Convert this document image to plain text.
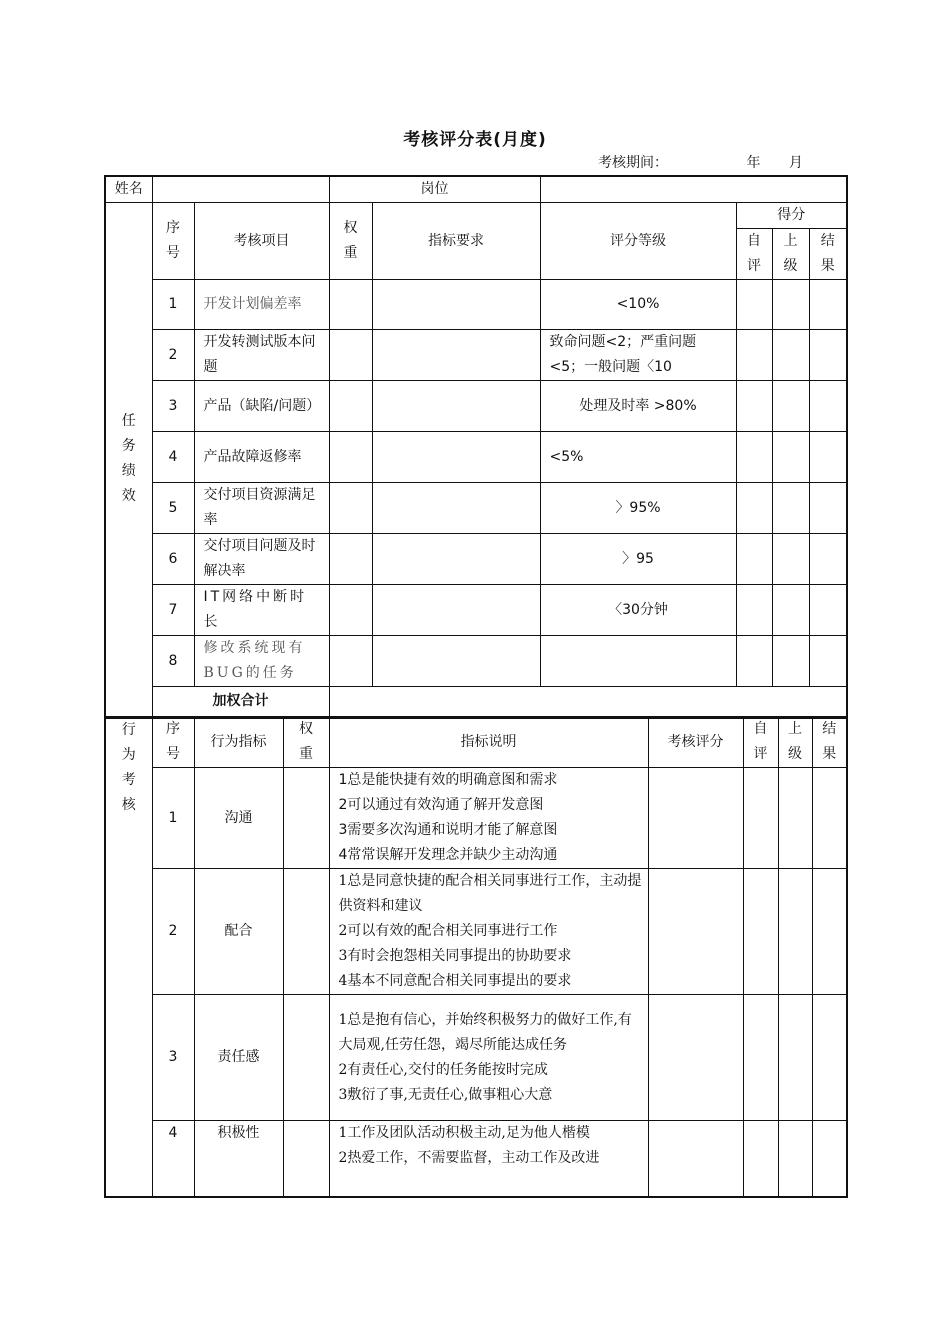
考核评分表(月度)
考核期间：	年 月
姓名			岗位					

任务绩效	序号	考核项目	权重	指标要求	评分等级	得分		

						自评	上级	结果

	1	开发计划偏差率			<10%			
	2	开发转测试版本问题			致命问题<2；严重问题<5；一般问题〈10			
	3	产品（缺陷/问题）			处理及时率 >80%			
	4	产品故障返修率			<5%			
	5	交付项目资源满足率			〉95%			
	6	交付项目问题及时解决率			〉95			
	7	IT网络中断时长			〈30分钟			
	8	修改系统现有BUG的任务						
	加权合计							
行为考核	序号	行为指标	权重	指标说明	考核评分	自评	上级	结果

	1	沟通		1总是能快捷有效的明确意图和需求
2可以通过有效沟通了解开发意图
3需要多次沟通和说明才能了解意图
4常常误解开发理念并缺少主动沟通				

	2	配合		1总是同意快捷的配合相关同事进行工作，主动提供资料和建议
2可以有效的配合相关同事进行工作
3有时会抱怨相关同事提出的协助要求
4基本不同意配合相关同事提出的要求				

	3	责任感		1总是抱有信心，并始终积极努力的做好工作,有大局观,任劳任怨，竭尽所能达成任务
2有责任心,交付的任务能按时完成
3敷衍了事,无责任心,做事粗心大意				

	4	积极性		1工作及团队活动积极主动,足为他人楷模
2热爱工作，不需要监督，主动工作及改进				
